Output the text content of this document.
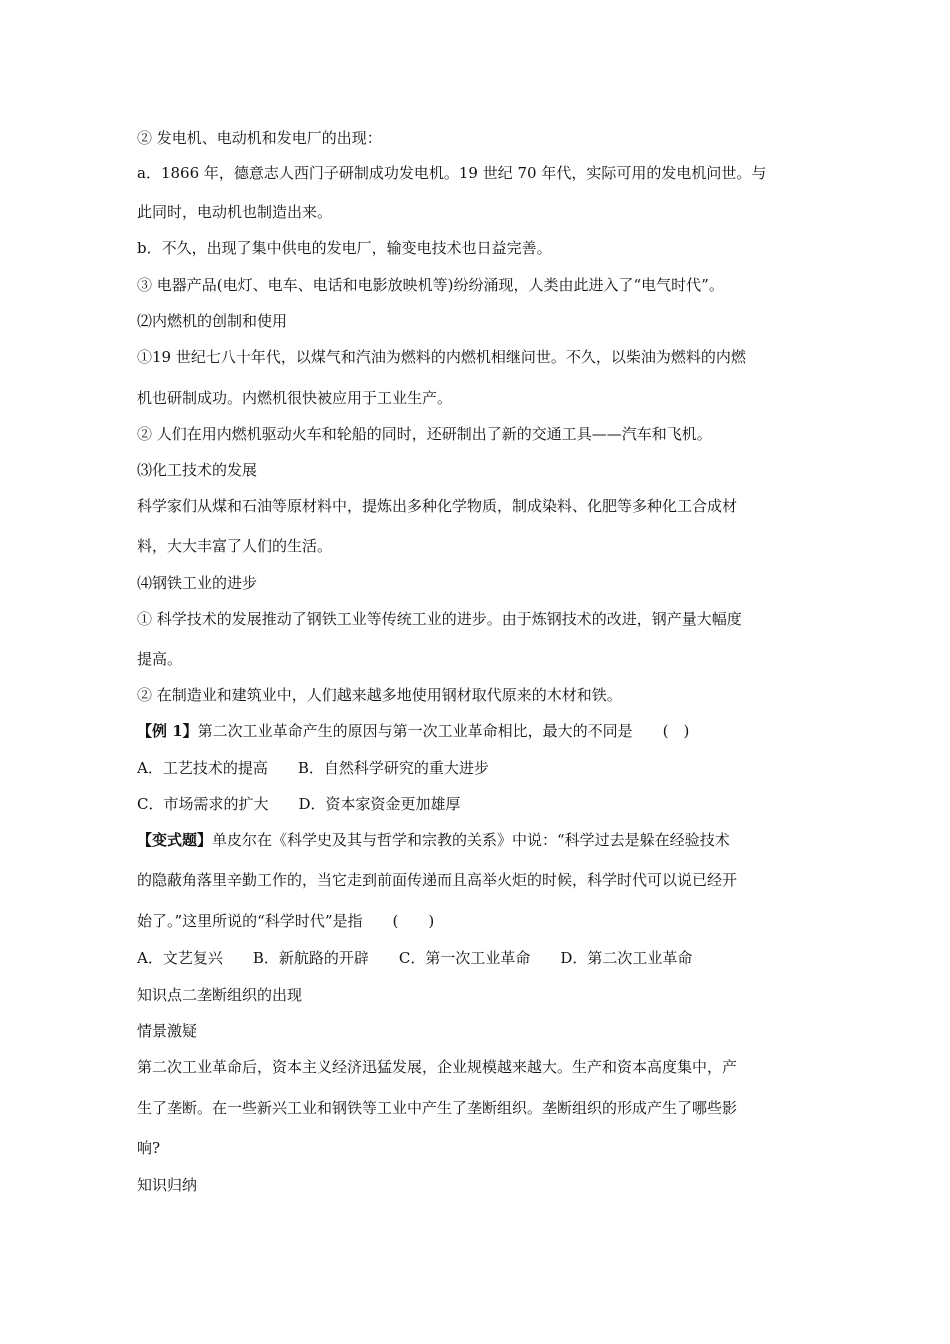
② 发电机、电动机和发电厂的出现：
a．1866 年，德意志人西门子研制成功发电机。19 世纪 70 年代，实际可用的发电机问世。与
此同时，电动机也制造出来。
b．不久，出现了集中供电的发电厂，输变电技术也日益完善。
③ 电器产品(电灯、电车、电话和电影放映机等)纷纷涌现，人类由此进入了“电气时代”。
⑵内燃机的创制和使用
①19 世纪七八十年代，以煤气和汽油为燃料的内燃机相继问世。不久，以柴油为燃料的内燃
机也研制成功。内燃机很快被应用于工业生产。
② 人们在用内燃机驱动火车和轮船的同时，还研制出了新的交通工具——汽车和飞机。
⑶化工技术的发展
科学家们从煤和石油等原材料中，提炼出多种化学物质，制成染料、化肥等多种化工合成材
料，大大丰富了人们的生活。
⑷钢铁工业的进步
① 科学技术的发展推动了钢铁工业等传统工业的进步。由于炼钢技术的改进，钢产量大幅度
提高。
② 在制造业和建筑业中，人们越来越多地使用钢材取代原来的木材和铁。
【例 1】第二次工业革命产生的原因与第一次工业革命相比，最大的不同是　　(　)
A．工艺技术的提高　　B．自然科学研究的重大进步
C．市场需求的扩大　　D．资本家资金更加雄厚
【变式题】单皮尔在《科学史及其与哲学和宗教的关系》中说：“科学过去是躲在经验技术
的隐蔽角落里辛勤工作的，当它走到前面传递而且高举火炬的时候，科学时代可以说已经开
始了。”这里所说的“科学时代”是指　　(　　)
A．文艺复兴　　B．新航路的开辟　　C．第一次工业革命　　D．第二次工业革命
知识点二垄断组织的出现
情景激疑
第二次工业革命后，资本主义经济迅猛发展，企业规模越来越大。生产和资本高度集中，产
生了垄断。在一些新兴工业和钢铁等工业中产生了垄断组织。垄断组织的形成产生了哪些影
响?
知识归纳
